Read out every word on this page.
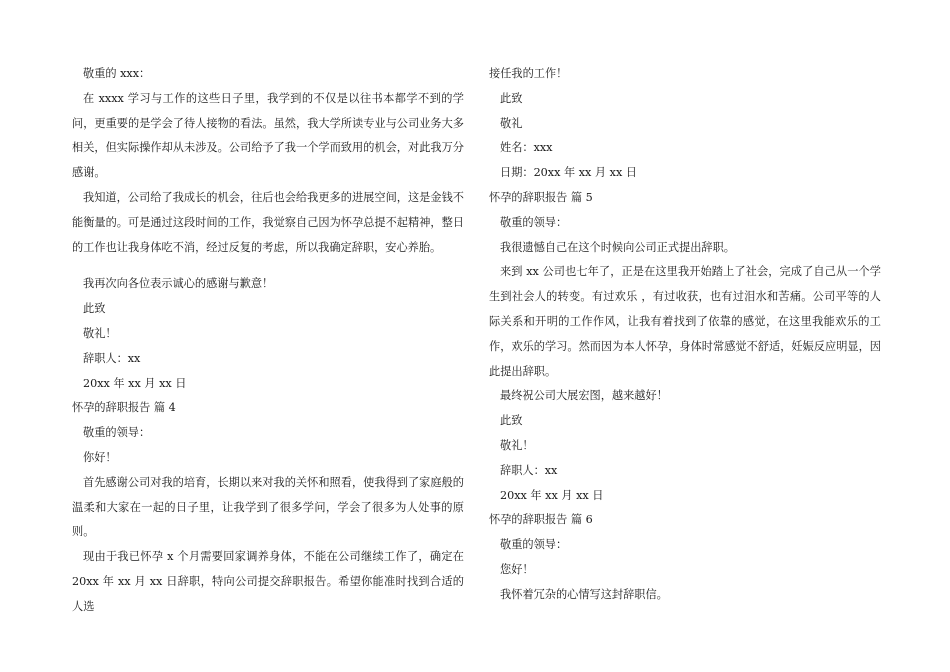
敬重的 xxx：

在 xxxx 学习与工作的这些日子里，我学到的不仅是以往书本都学不到的学问，更重要的是学会了待人接物的看法。虽然，我大学所读专业与公司业务大多相关，但实际操作却从未涉及。公司给予了我一个学而致用的机会，对此我万分感谢。

我知道，公司给了我成长的机会，往后也会给我更多的进展空间，这是金钱不能衡量的。可是通过这段时间的工作，我觉察自己因为怀孕总提不起精神，整日的工作也让我身体吃不消，经过反复的考虑，所以我确定辞职，安心养胎。

我再次向各位表示诚心的感谢与歉意！

此致

敬礼！

辞职人：xx

20xx 年 xx 月 xx 日

怀孕的辞职报告 篇 4

敬重的领导：

你好！

首先感谢公司对我的培育，长期以来对我的关怀和照看，使我得到了家庭般的温柔和大家在一起的日子里，让我学到了很多学问，学会了很多为人处事的原则。

现由于我已怀孕 x 个月需要回家调养身体，不能在公司继续工作了，确定在 20xx 年 xx 月 xx 日辞职，特向公司提交辞职报告。希望你能准时找到合适的人选

接任我的工作！

此致

敬礼

姓名：xxx

日期：20xx 年 xx 月 xx 日

怀孕的辞职报告 篇 5

敬重的领导：

我很遗憾自己在这个时候向公司正式提出辞职。

来到 xx 公司也七年了，正是在这里我开始踏上了社会，完成了自己从一个学生到社会人的转变。有过欢乐 ，有过收获，也有过泪水和苦痛。公司平等的人际关系和开明的工作作风，让我有着找到了依靠的感觉，在这里我能欢乐的工作，欢乐的学习。然而因为本人怀孕，身体时常感觉不舒适，妊娠反应明显，因此提出辞职。

最终祝公司大展宏图，越来越好！

此致

敬礼！

辞职人：xx

20xx 年 xx 月 xx 日

怀孕的辞职报告 篇 6

敬重的领导：

您好！

我怀着冗杂的心情写这封辞职信。
